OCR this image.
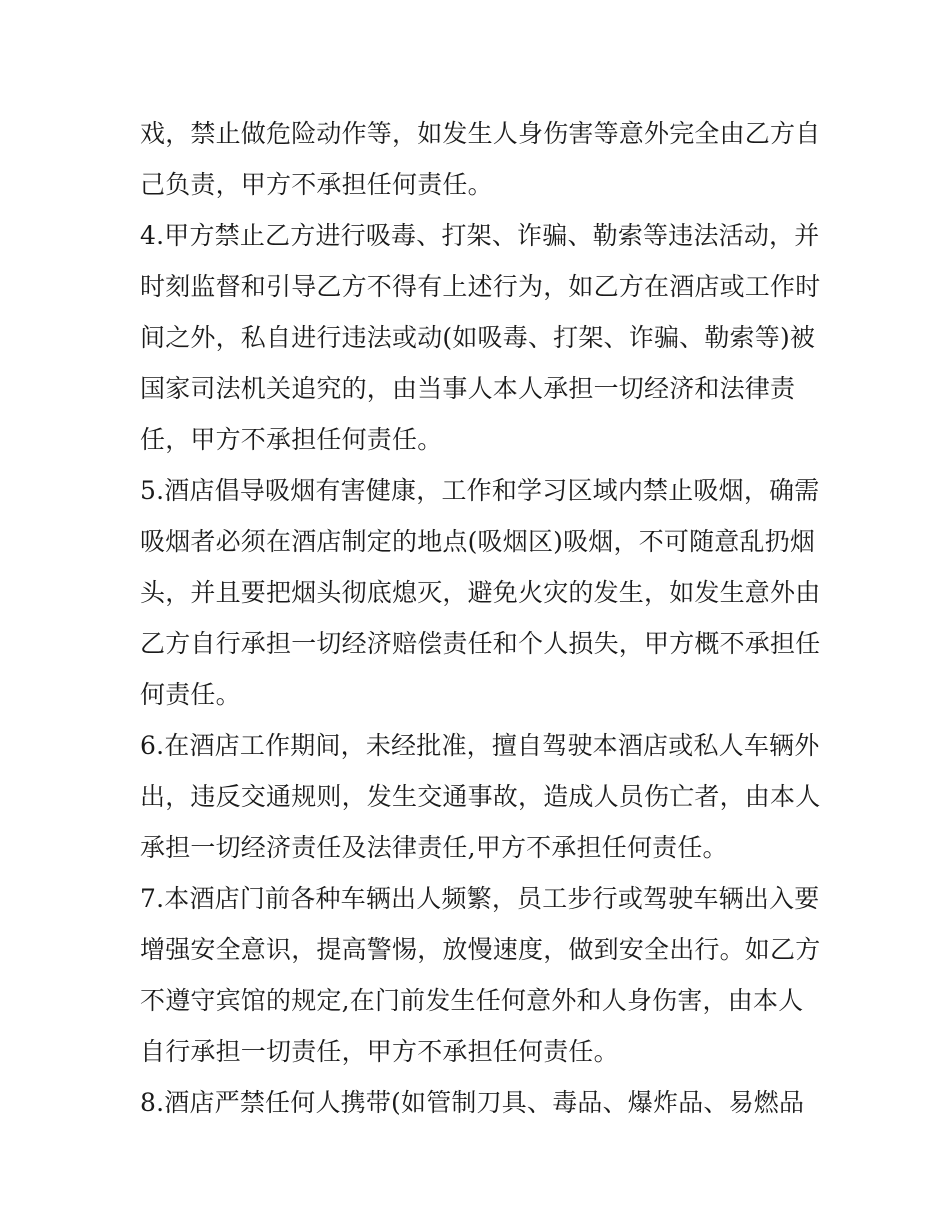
戏，禁止做危险动作等，如发生人身伤害等意外完全由乙方自
己负责，甲方不承担任何责任。
4.甲方禁止乙方进行吸毒、打架、诈骗、勒索等违法活动，并
时刻监督和引导乙方不得有上述行为，如乙方在酒店或工作时
间之外，私自进行违法或动(如吸毒、打架、诈骗、勒索等)被
国家司法机关追究的，由当事人本人承担一切经济和法律责
任，甲方不承担任何责任。
5.酒店倡导吸烟有害健康，工作和学习区域内禁止吸烟，确需
吸烟者必须在酒店制定的地点(吸烟区)吸烟，不可随意乱扔烟
头，并且要把烟头彻底熄灭，避免火灾的发生，如发生意外由
乙方自行承担一切经济赔偿责任和个人损失，甲方概不承担任
何责任。
6.在酒店工作期间，未经批准，擅自驾驶本酒店或私人车辆外
出，违反交通规则，发生交通事故，造成人员伤亡者，由本人
承担一切经济责任及法律责任,甲方不承担任何责任。
7.本酒店门前各种车辆出人频繁，员工步行或驾驶车辆出入要
增强安全意识，提高警惕，放慢速度，做到安全出行。如乙方
不遵守宾馆的规定,在门前发生任何意外和人身伤害，由本人
自行承担一切责任，甲方不承担任何责任。
8.酒店严禁任何人携带(如管制刀具、毒品、爆炸品、易燃品
